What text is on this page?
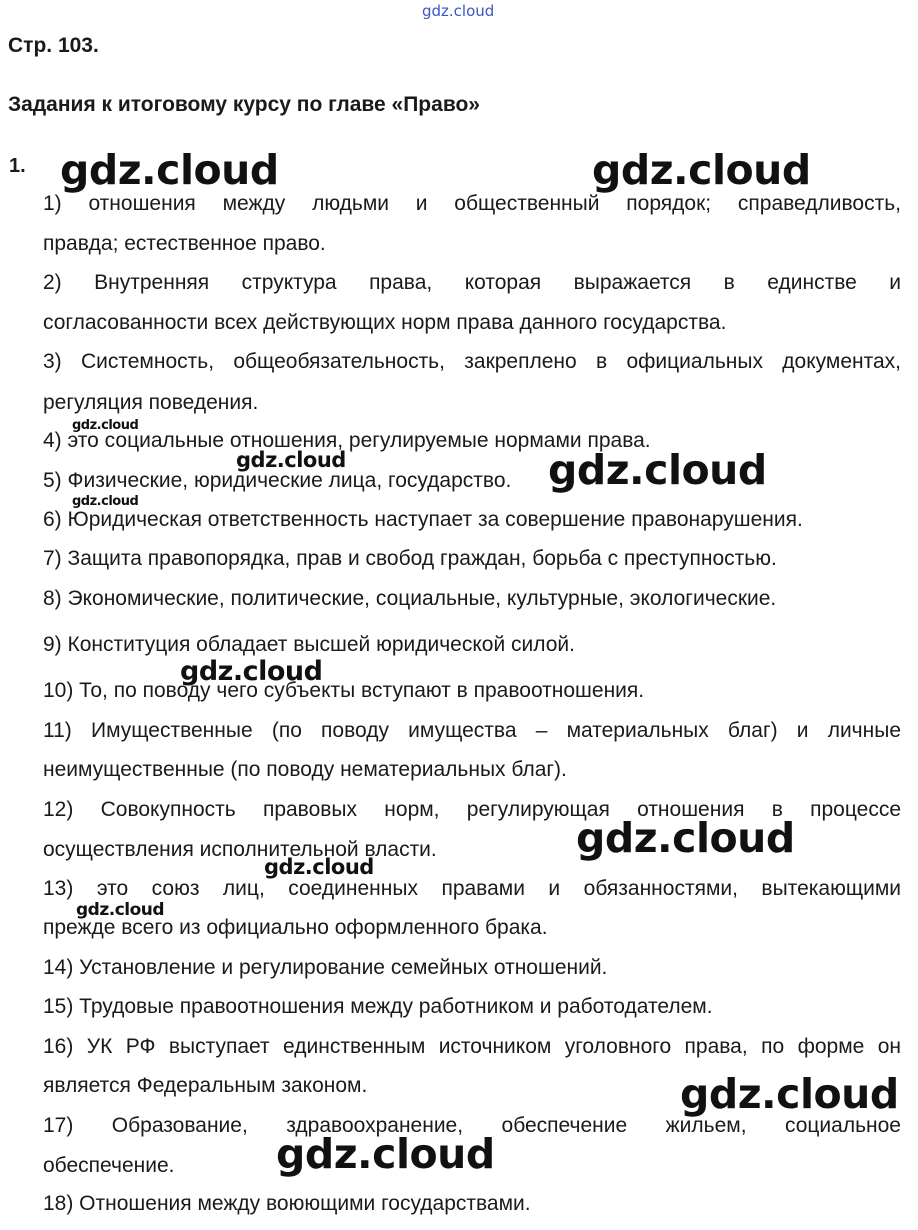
gdz.cloud
Стр. 103.
Задания к итоговому курсу по главе «Право»
1.
1) отношения между людьми и общественный порядок; справедливость,
правда; естественное право.
2) Внутренняя структура права, которая выражается в единстве и
согласованности всех действующих норм права данного государства.
3) Системность, общеобязательность, закреплено в официальных документах,
регуляция поведения.
4) это социальные отношения, регулируемые нормами права.
5) Физические, юридические лица, государство.
6) Юридическая ответственность наступает за совершение правонарушения.
7) Защита правопорядка, прав и свобод граждан, борьба с преступностью.
8) Экономические, политические, социальные, культурные, экологические.
9) Конституция обладает высшей юридической силой.
10) То, по поводу чего субъекты вступают в правоотношения.
11) Имущественные (по поводу имущества – материальных благ) и личные
неимущественные (по поводу нематериальных благ).
12) Совокупность правовых норм, регулирующая отношения в процессе
осуществления исполнительной власти.
13) это союз лиц, соединенных правами и обязанностями, вытекающими
прежде всего из официально оформленного брака.
14) Установление и регулирование семейных отношений.
15) Трудовые правоотношения между работником и работодателем.
16) УК РФ выступает единственным источником уголовного права, по форме он
является Федеральным законом.
17) Образование, здравоохранение, обеспечение жильем, социальное
обеспечение.
18) Отношения между воюющими государствами.
gdz.cloud	gdz.cloud
gdz.cloud
gdz.cloud	gdz.cloud
gdz.cloud
gdz.cloud
gdz.cloud
gdz.cloud
gdz.cloud
gdz.cloud
gdz.cloud
